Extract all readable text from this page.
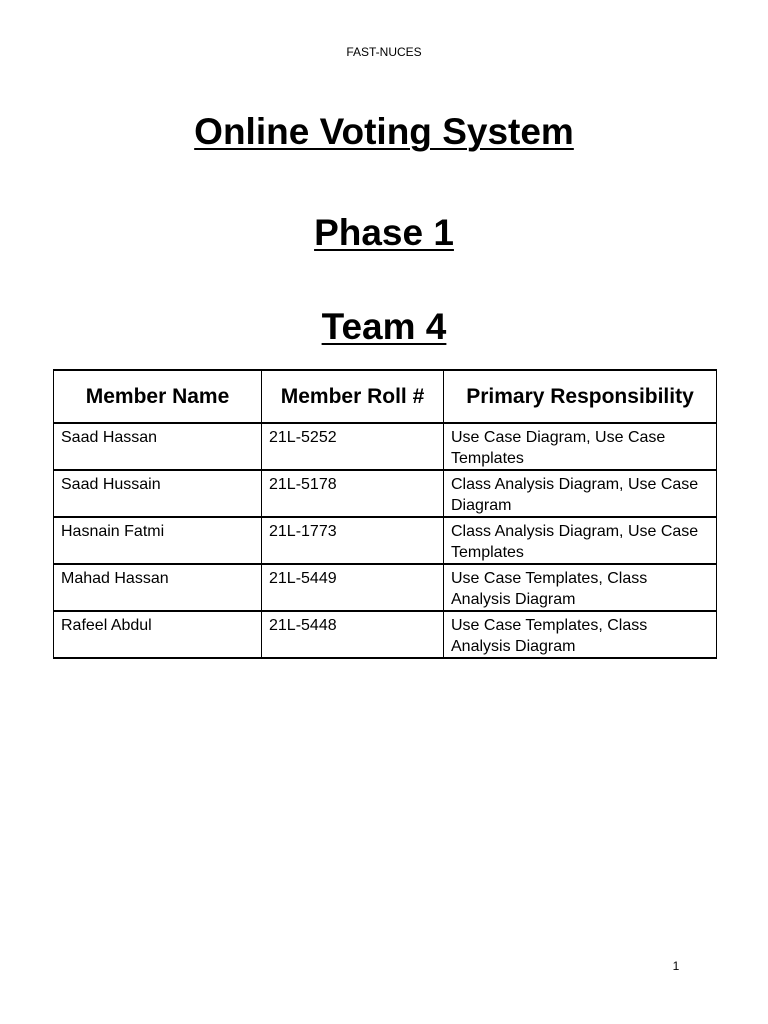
FAST-NUCES
Online Voting System
Phase 1
Team 4
Member Name	Member Roll #	Primary Responsibility
Saad Hassan	21L-5252	Use Case Diagram, Use Case Templates
Saad Hussain	21L-5178	Class Analysis Diagram, Use Case Diagram
Hasnain Fatmi	21L-1773	Class Analysis Diagram, Use Case Templates
Mahad Hassan	21L-5449	Use Case Templates, Class Analysis Diagram
Rafeel Abdul	21L-5448	Use Case Templates, Class Analysis Diagram
1
